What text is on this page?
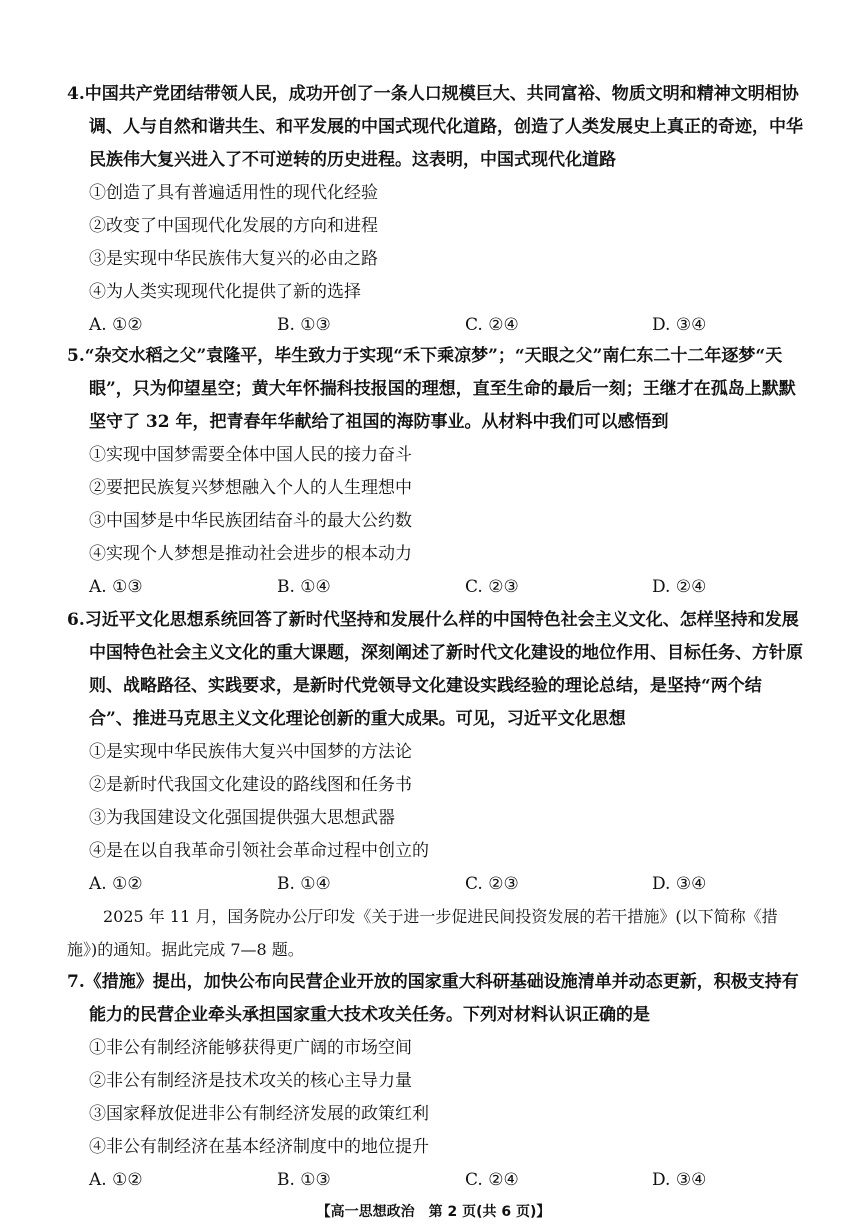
4.中国共产党团结带领人民，成功开创了一条人口规模巨大、共同富裕、物质文明和精神文明相协调、人与自然和谐共生、和平发展的中国式现代化道路，创造了人类发展史上真正的奇迹，中华民族伟大复兴进入了不可逆转的历史进程。这表明，中国式现代化道路

①创造了具有普遍适用性的现代化经验

②改变了中国现代化发展的方向和进程

③是实现中华民族伟大复兴的必由之路

④为人类实现现代化提供了新的选择

A. ①②	B. ①③	C. ②④	D. ③④

5.“杂交水稻之父”袁隆平，毕生致力于实现“禾下乘凉梦”；“天眼之父”南仁东二十二年逐梦“天眼”，只为仰望星空；黄大年怀揣科技报国的理想，直至生命的最后一刻；王继才在孤岛上默默坚守了 32 年，把青春年华献给了祖国的海防事业。从材料中我们可以感悟到

①实现中国梦需要全体中国人民的接力奋斗

②要把民族复兴梦想融入个人的人生理想中

③中国梦是中华民族团结奋斗的最大公约数

④实现个人梦想是推动社会进步的根本动力

A. ①③	B. ①④	C. ②③	D. ②④

6.习近平文化思想系统回答了新时代坚持和发展什么样的中国特色社会主义文化、怎样坚持和发展中国特色社会主义文化的重大课题，深刻阐述了新时代文化建设的地位作用、目标任务、方针原则、战略路径、实践要求，是新时代党领导文化建设实践经验的理论总结，是坚持“两个结合”、推进马克思主义文化理论创新的重大成果。可见，习近平文化思想

①是实现中华民族伟大复兴中国梦的方法论

②是新时代我国文化建设的路线图和任务书

③为我国建设文化强国提供强大思想武器

④是在以自我革命引领社会革命过程中创立的

A. ①②	B. ①④	C. ②③	D. ③④

2025 年 11 月，国务院办公厅印发《关于进一步促进民间投资发展的若干措施》(以下简称《措施》)的通知。据此完成 7—8 题。

7.《措施》提出，加快公布向民营企业开放的国家重大科研基础设施清单并动态更新，积极支持有能力的民营企业牵头承担国家重大技术攻关任务。下列对材料认识正确的是

①非公有制经济能够获得更广阔的市场空间

②非公有制经济是技术攻关的核心主导力量

③国家释放促进非公有制经济发展的政策红利

④非公有制经济在基本经济制度中的地位提升

A. ①②	B. ①③	C. ②④	D. ③④
【高一思想政治　第 2 页(共 6 页)】
